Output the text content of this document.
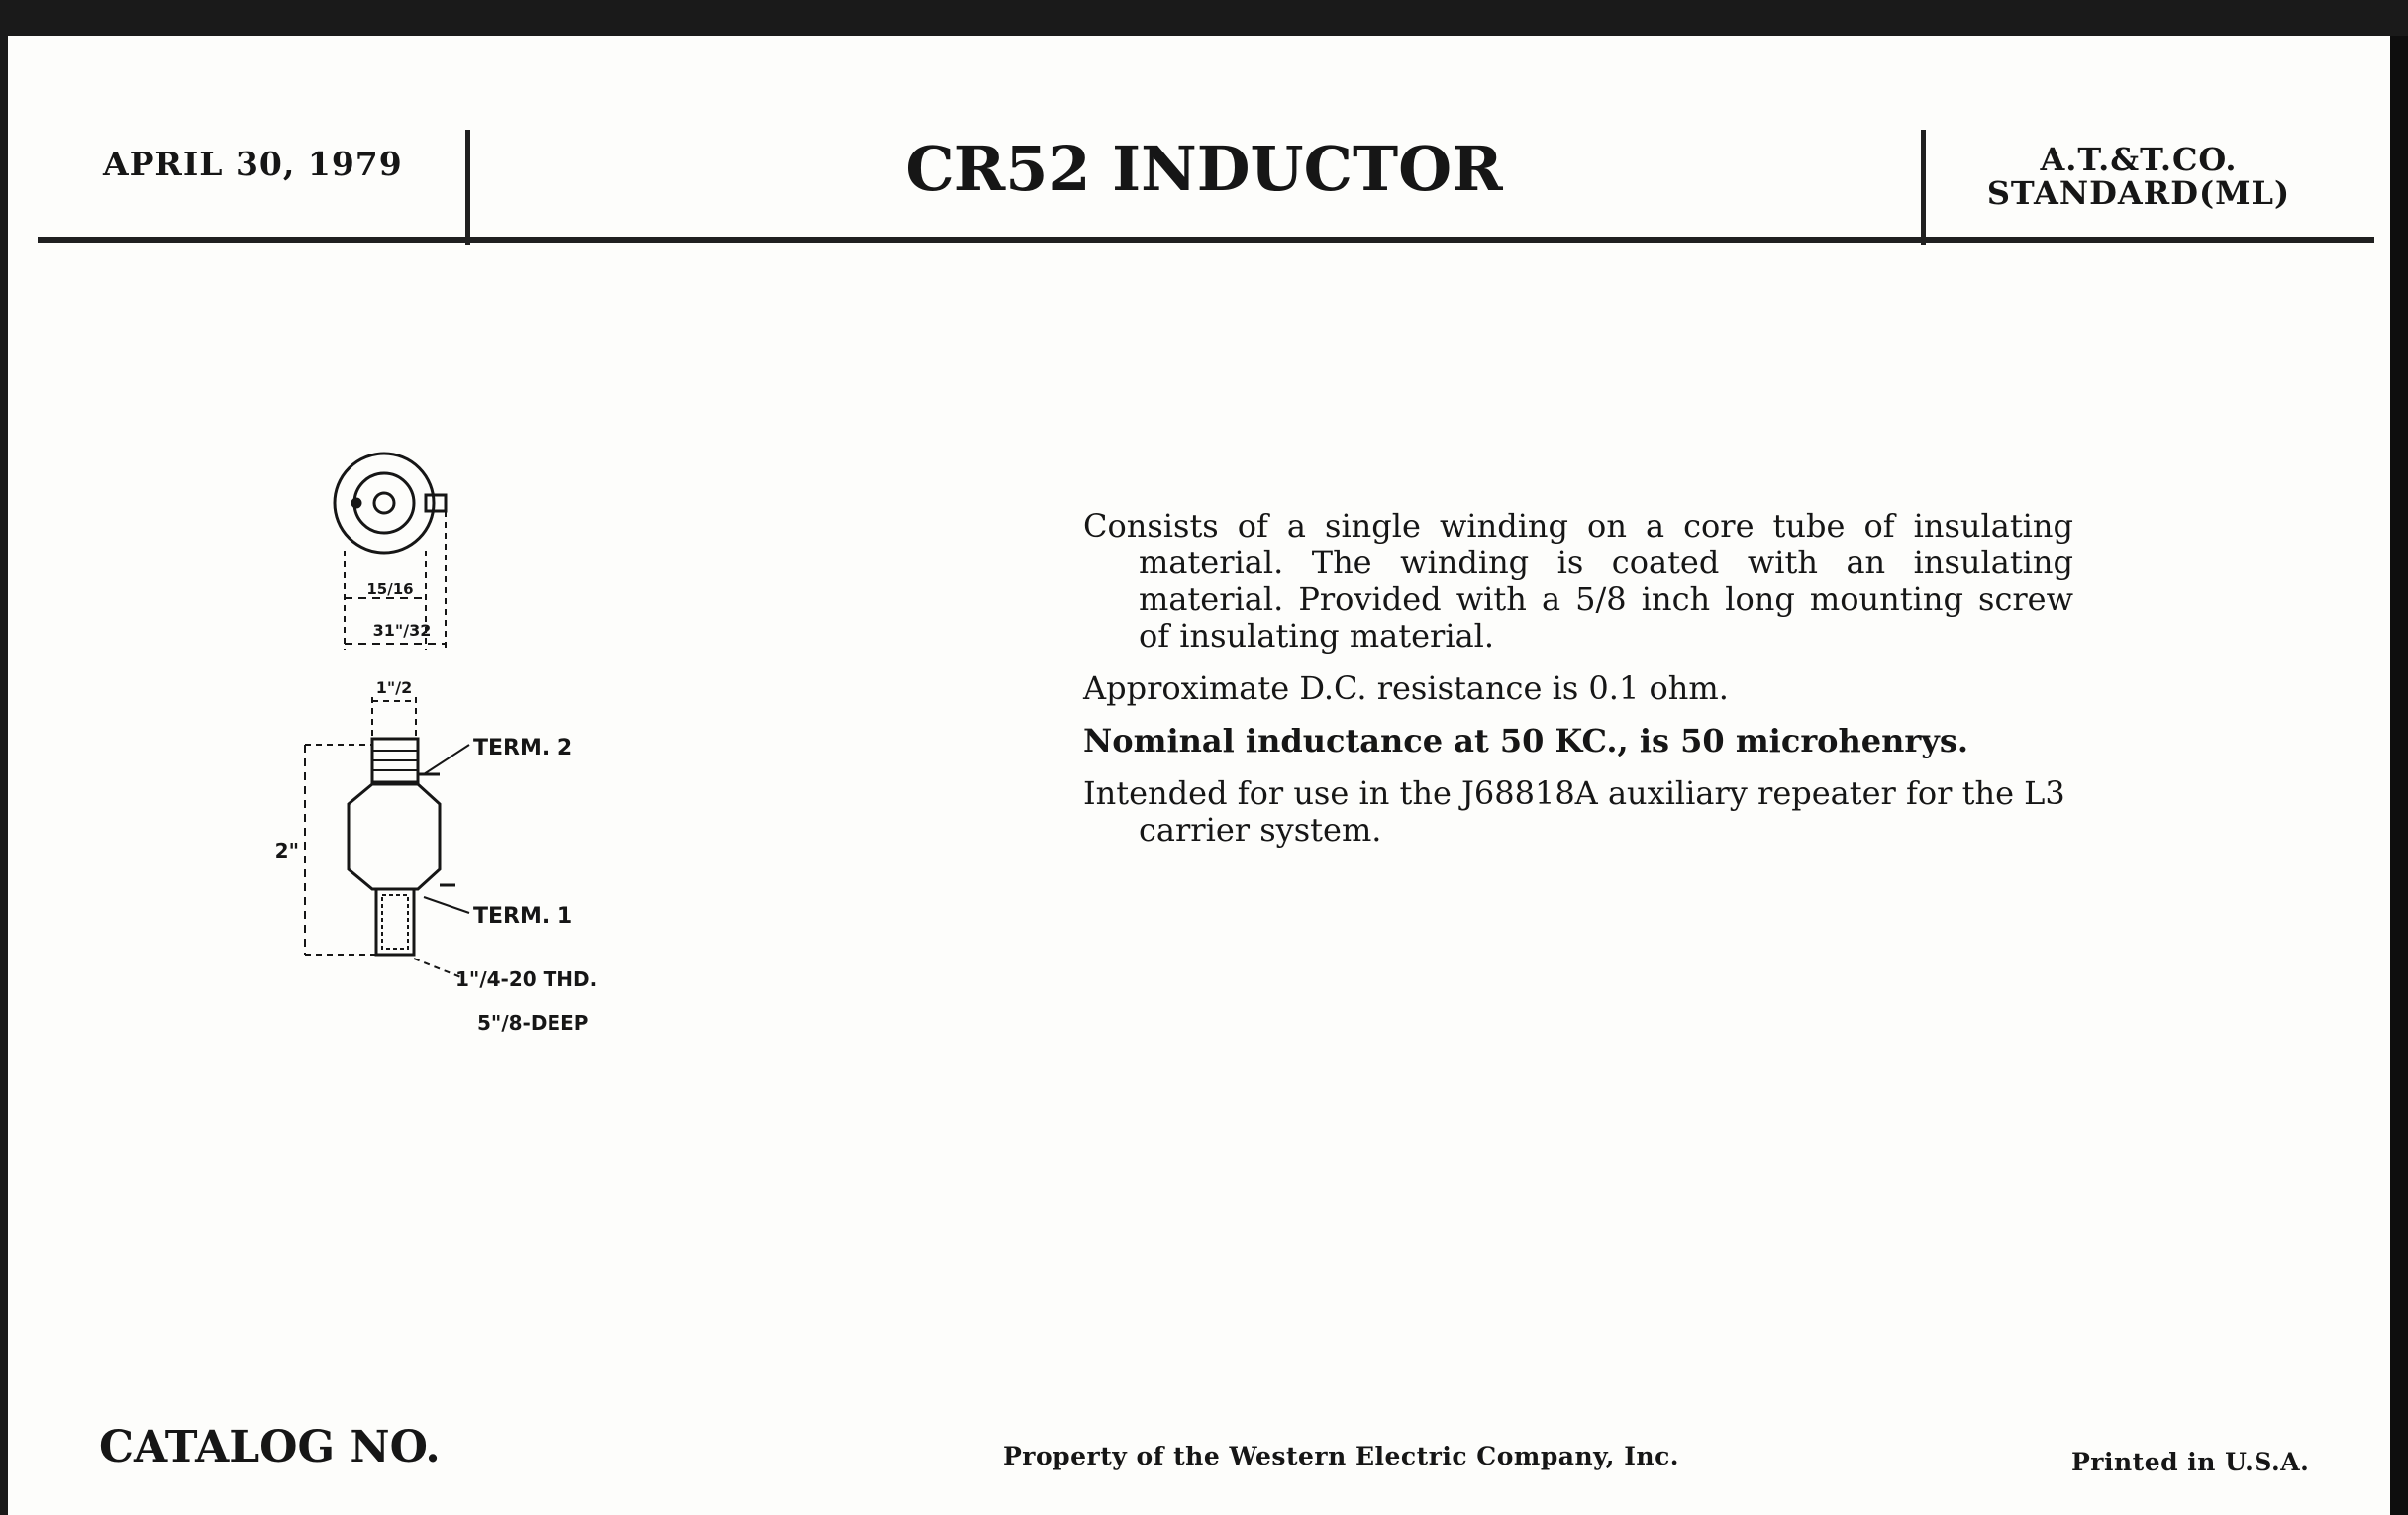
APRIL 30, 1979	CR52 INDUCTOR	A.T.&T.CO.
STANDARD(ML)
15/16
31"/32
1"/2
2"
TERM. 2
TERM. 1
1"/4-20 THD.
5"/8-DEEP

Consists of a single winding on a core tube of insulating material. The winding is coated with an insulating material. Provided with a 5/8 inch long mounting screw of insulating material.

Approximate D.C. resistance is 0.1 ohm.

Nominal inductance at 50 KC., is 50 microhenrys.

Intended for use in the J68818A auxiliary repeater for the L3 carrier system.

CATALOG NO.	Property of the Western Electric Company, Inc.	Printed in U.S.A.
